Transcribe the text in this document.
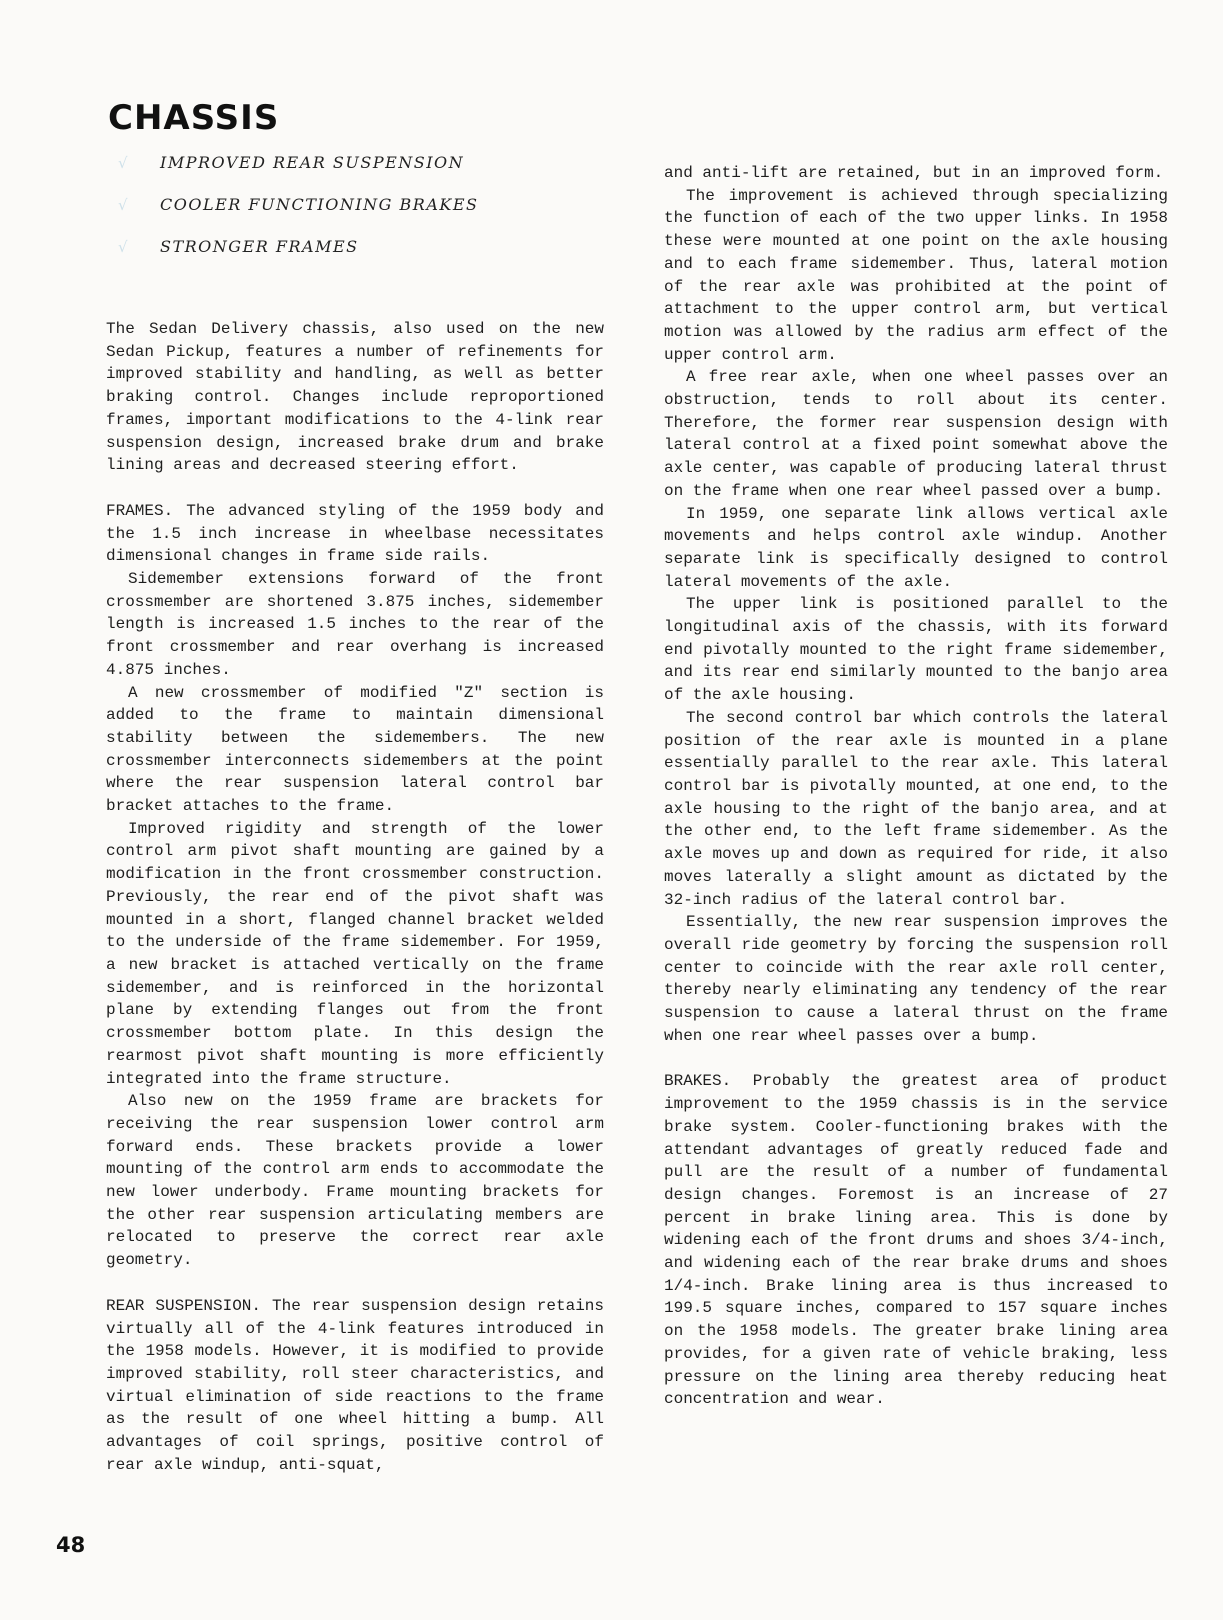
CHASSIS
√ IMPROVED REAR SUSPENSION
√ COOLER FUNCTIONING BRAKES
√ STRONGER FRAMES

The Sedan Delivery chassis, also used on the new Sedan Pickup, features a number of refinements for improved stability and handling, as well as better braking control. Changes include reproportioned frames, important modifications to the 4-link rear suspension design, increased brake drum and brake lining areas and decreased steering effort.

FRAMES. The advanced styling of the 1959 body and the 1.5 inch increase in wheelbase necessitates dimensional changes in frame side rails.

Sidemember extensions forward of the front crossmember are shortened 3.875 inches, sidemember length is increased 1.5 inches to the rear of the front crossmember and rear overhang is increased 4.875 inches.

A new crossmember of modified "Z" section is added to the frame to maintain dimensional stability between the sidemembers. The new crossmember interconnects sidemembers at the point where the rear suspension lateral control bar bracket attaches to the frame.

Improved rigidity and strength of the lower control arm pivot shaft mounting are gained by a modification in the front crossmember construction. Previously, the rear end of the pivot shaft was mounted in a short, flanged channel bracket welded to the underside of the frame sidemember. For 1959, a new bracket is attached vertically on the frame sidemember, and is reinforced in the horizontal plane by extending flanges out from the front crossmember bottom plate. In this design the rearmost pivot shaft mounting is more efficiently integrated into the frame structure.

Also new on the 1959 frame are brackets for receiving the rear suspension lower control arm forward ends. These brackets provide a lower mounting of the control arm ends to accommodate the new lower underbody. Frame mounting brackets for the other rear suspension articulating members are relocated to preserve the correct rear axle geometry.

REAR SUSPENSION. The rear suspension design retains virtually all of the 4-link features introduced in the 1958 models. However, it is modified to provide improved stability, roll steer characteristics, and virtual elimination of side reactions to the frame as the result of one wheel hitting a bump. All advantages of coil springs, positive control of rear axle windup, anti-squat,

and anti-lift are retained, but in an improved form.

The improvement is achieved through specializing the function of each of the two upper links. In 1958 these were mounted at one point on the axle housing and to each frame sidemember. Thus, lateral motion of the rear axle was prohibited at the point of attachment to the upper control arm, but vertical motion was allowed by the radius arm effect of the upper control arm.

A free rear axle, when one wheel passes over an obstruction, tends to roll about its center. Therefore, the former rear suspension design with lateral control at a fixed point somewhat above the axle center, was capable of producing lateral thrust on the frame when one rear wheel passed over a bump.

In 1959, one separate link allows vertical axle movements and helps control axle windup. Another separate link is specifically designed to control lateral movements of the axle.

The upper link is positioned parallel to the longitudinal axis of the chassis, with its forward end pivotally mounted to the right frame sidemember, and its rear end similarly mounted to the banjo area of the axle housing.

The second control bar which controls the lateral position of the rear axle is mounted in a plane essentially parallel to the rear axle. This lateral control bar is pivotally mounted, at one end, to the axle housing to the right of the banjo area, and at the other end, to the left frame sidemember. As the axle moves up and down as required for ride, it also moves laterally a slight amount as dictated by the 32-inch radius of the lateral control bar.

Essentially, the new rear suspension improves the overall ride geometry by forcing the suspension roll center to coincide with the rear axle roll center, thereby nearly eliminating any tendency of the rear suspension to cause a lateral thrust on the frame when one rear wheel passes over a bump.

BRAKES. Probably the greatest area of product improvement to the 1959 chassis is in the service brake system. Cooler-functioning brakes with the attendant advantages of greatly reduced fade and pull are the result of a number of fundamental design changes. Foremost is an increase of 27 percent in brake lining area. This is done by widening each of the front drums and shoes 3/4-inch, and widening each of the rear brake drums and shoes 1/4-inch. Brake lining area is thus increased to 199.5 square inches, compared to 157 square inches on the 1958 models. The greater brake lining area provides, for a given rate of vehicle braking, less pressure on the lining area thereby reducing heat concentration and wear.

48
